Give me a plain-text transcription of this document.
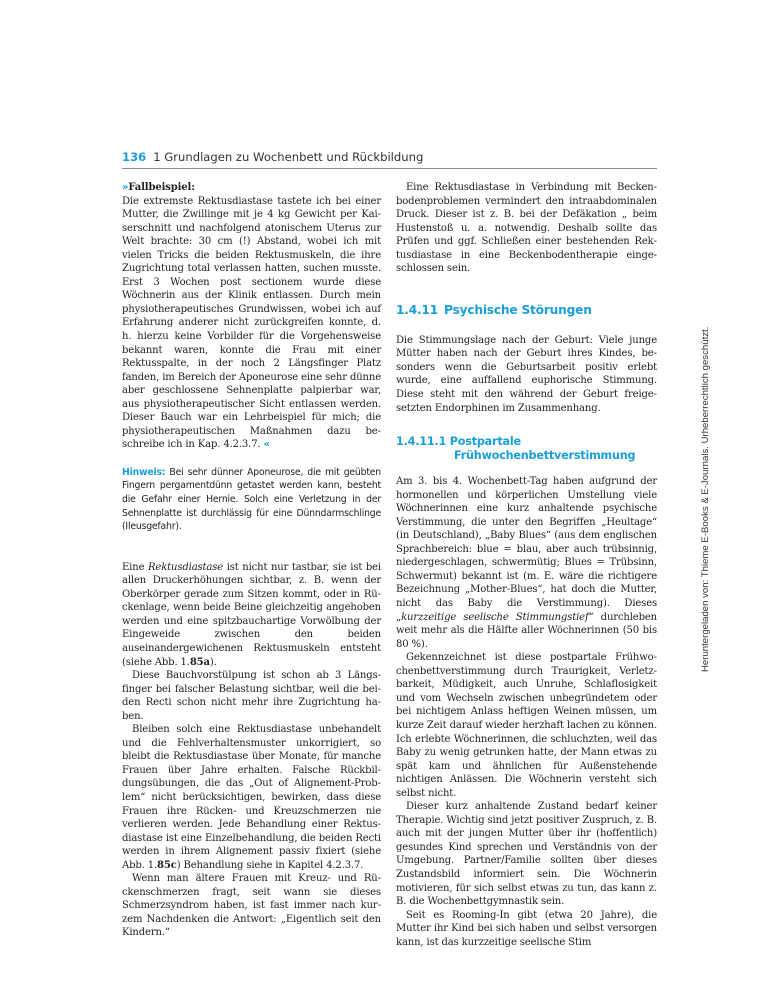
136 1 Grundlagen zu Wochenbett und Rückbildung

»Fallbeispiel:
Die extremste Rektusdiastase tastete ich bei einer Mutter, die Zwillinge mit je 4 kg Gewicht per Kaiserschnitt und nachfolgend atonischem Uterus zur Welt brachte: 30 cm (!) Abstand, wobei ich mit vielen Tricks die beiden Rektusmuskeln, die ihre Zugrichtung total verlassen hatten, suchen musste. Erst 3 Wochen post sectionem wurde diese Wöchnerin aus der Klinik entlassen. Durch mein physiotherapeutisches Grundwissen, wobei ich auf Erfahrung anderer nicht zurückgreifen konnte, d. h. hierzu keine Vorbilder für die Vorgehensweise bekannt waren, konnte die Frau mit einer Rektusspalte, in der noch 2 Längsfinger Platz fanden, im Bereich der Aponeurose eine sehr dünne aber geschlossene Sehnenplatte palpierbar war, aus physiotherapeutischer Sicht entlassen werden. Dieser Bauch war ein Lehrbeispiel für mich; die physiotherapeutischen Maßnahmen dazu beschreibe ich in Kap. 4.2.3.7. «

Hinweis: Bei sehr dünner Aponeurose, die mit geübten Fingern pergamentdünn getastet werden kann, besteht die Gefahr einer Hernie. Solch eine Verletzung in der Sehnenplatte ist durchlässig für eine Dünndarmschlinge (Ileusgefahr).

Eine Rektusdiastase ist nicht nur tastbar, sie ist bei allen Druckerhöhungen sichtbar, z. B. wenn der Oberkörper gerade zum Sitzen kommt, oder in Rückenlage, wenn beide Beine gleichzeitig angehoben werden und eine spitzbauchartige Vorwölbung der Eingeweide zwischen den beiden auseinandergewichenen Rektusmuskeln entsteht (siehe Abb. 1.85a).

Diese Bauchvorstülpung ist schon ab 3 Längsfinger bei falscher Belastung sichtbar, weil die beiden Recti schon nicht mehr ihre Zugrichtung haben.

Bleiben solch eine Rektusdiastase unbehandelt und die Fehlverhaltensmuster unkorrigiert, so bleibt die Rektusdiastase über Monate, für manche Frauen über Jahre erhalten. Falsche Rückbildungsübungen, die das „Out of Alignement-Problem“ nicht berücksichtigen, bewirken, dass diese Frauen ihre Rücken- und Kreuzschmerzen nie verlieren werden. Jede Behandlung einer Rektusdiastase ist eine Einzelbehandlung, die beiden Recti werden in ihrem Alignement passiv fixiert (siehe Abb. 1.85c) Behandlung siehe in Kapitel 4.2.3.7.

Wenn man ältere Frauen mit Kreuz- und Rückenschmerzen fragt, seit wann sie dieses Schmerzsyndrom haben, ist fast immer nach kurzem Nachdenken die Antwort: „Eigentlich seit den Kindern.“

Eine Rektusdiastase in Verbindung mit Beckenbodenproblemen vermindert den intraabdominalen Druck. Dieser ist z. B. bei der Defäkation „ beim Hustenstoß u. a. notwendig. Deshalb sollte das Prüfen und ggf. Schließen einer bestehenden Rektusdiastase in eine Beckenbodentherapie eingeschlossen sein.

1.4.11 Psychische Störungen

Die Stimmungslage nach der Geburt: Viele junge Mütter haben nach der Geburt ihres Kindes, besonders wenn die Geburtsarbeit positiv erlebt wurde, eine auffallend euphorische Stimmung. Diese steht mit den während der Geburt freigesetzten Endorphinen im Zusammenhang.

1.4.11.1 Postpartale
Frühwochenbettverstimmung

Am 3. bis 4. Wochenbett-Tag haben aufgrund der hormonellen und körperlichen Umstellung viele Wöchnerinnen eine kurz anhaltende psychische Verstimmung, die unter den Begriffen „Heultage“ (in Deutschland), „Baby Blues“ (aus dem englischen Sprachbereich: blue = blau, aber auch trübsinnig, niedergeschlagen, schwermütig; Blues = Trübsinn, Schwermut) bekannt ist (m. E. wäre die richtigere Bezeichnung „Mother-Blues“, hat doch die Mutter, nicht das Baby die Verstimmung). Dieses „kurzzeitige seelische Stimmungstief“ durchleben weit mehr als die Hälfte aller Wöchnerinnen (50 bis 80 %).

Gekennzeichnet ist diese postpartale Frühwochenbettverstimmung durch Traurigkeit, Verletzbarkeit, Müdigkeit, auch Unruhe, Schlaflosigkeit und vom Wechseln zwischen unbegründetem oder bei nichtigem Anlass heftigen Weinen müssen, um kurze Zeit darauf wieder herzhaft lachen zu können. Ich erlebte Wöchnerinnen, die schluchzten, weil das Baby zu wenig getrunken hatte, der Mann etwas zu spät kam und ähnlichen für Außenstehende nichtigen Anlässen. Die Wöchnerin versteht sich selbst nicht.

Dieser kurz anhaltende Zustand bedarf keiner Therapie. Wichtig sind jetzt positiver Zuspruch, z. B. auch mit der jungen Mutter über ihr (hoffentlich) gesundes Kind sprechen und Verständnis von der Umgebung. Partner/Familie sollten über dieses Zustandsbild informiert sein. Die Wöchnerin motivieren, für sich selbst etwas zu tun, das kann z. B. die Wochenbettgymnastik sein.

Seit es Rooming-In gibt (etwa 20 Jahre), die Mutter ihr Kind bei sich haben und selbst versorgen kann, ist das kurzzeitige seelische Stim

Heruntergeladen von: Thieme E-Books & E-Journals. Urheberrechtlich geschützt.
